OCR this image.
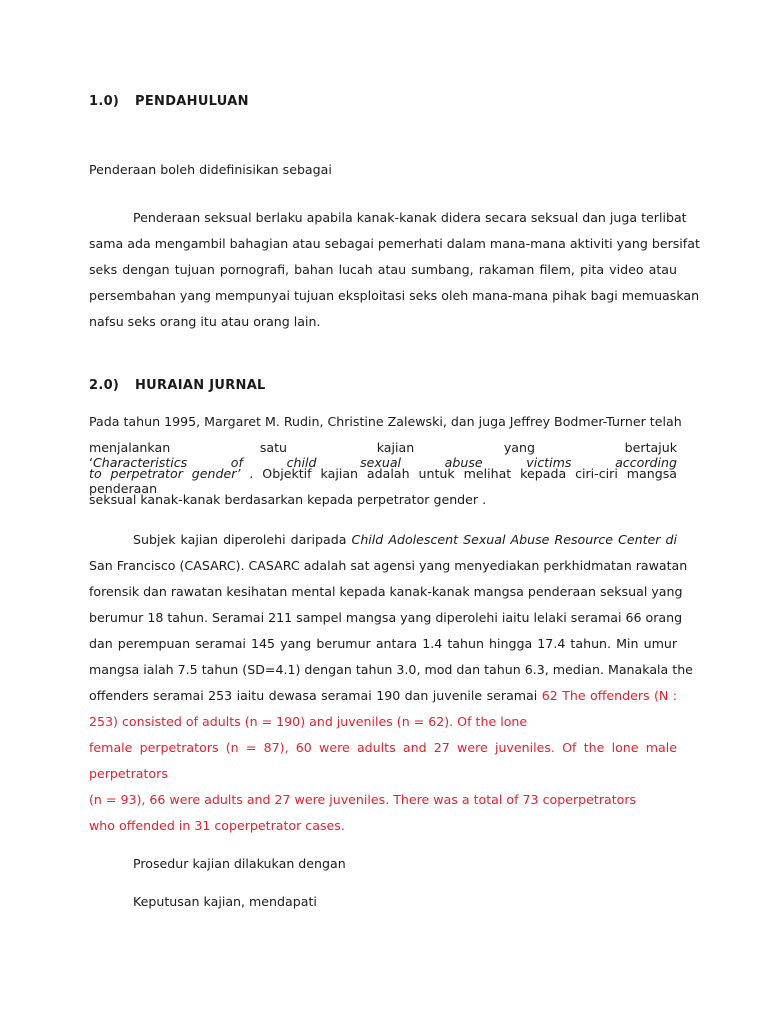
1.0) PENDAHULUAN
Penderaan boleh didefinisikan sebagai
Penderaan seksual berlaku apabila kanak-kanak didera secara seksual dan juga terlibat
sama ada mengambil bahagian atau sebagai pemerhati dalam mana-mana aktiviti yang bersifat
seks dengan tujuan pornografi, bahan lucah atau sumbang, rakaman filem, pita video atau
persembahan yang mempunyai tujuan eksploitasi seks oleh mana-mana pihak bagi memuaskan
nafsu seks orang itu atau orang lain.
2.0) HURAIAN JURNAL
Pada tahun 1995, Margaret M. Rudin, Christine Zalewski, dan juga Jeffrey Bodmer-Turner telah
menjalankan satu kajian yang bertajuk ‘Characteristics of child sexual abuse victims according
to perpetrator gender’ . Objektif kajian adalah untuk melihat kepada ciri-ciri mangsa penderaan
seksual kanak-kanak berdasarkan kepada perpetrator gender .
Subjek kajian diperolehi daripada Child Adolescent Sexual Abuse Resource Center di
San Francisco (CASARC). CASARC adalah sat agensi yang menyediakan perkhidmatan rawatan
forensik dan rawatan kesihatan mental kepada kanak-kanak mangsa penderaan seksual yang
berumur 18 tahun. Seramai 211 sampel mangsa yang diperolehi iaitu lelaki seramai 66 orang
dan perempuan seramai 145 yang berumur antara 1.4 tahun hingga 17.4 tahun. Min umur
mangsa ialah 7.5 tahun (SD=4.1) dengan tahun 3.0, mod dan tahun 6.3, median. Manakala the
offenders seramai 253 iaitu dewasa seramai 190 dan juvenile seramai 62 The offenders (N :
253) consisted of adults (n = 190) and juveniles (n = 62). Of the lone
female perpetrators (n = 87), 60 were adults and 27 were juveniles. Of the lone male
perpetrators
(n = 93), 66 were adults and 27 were juveniles. There was a total of 73 coperpetrators
who offended in 31 coperpetrator cases.
Prosedur kajian dilakukan dengan
Keputusan kajian, mendapati
